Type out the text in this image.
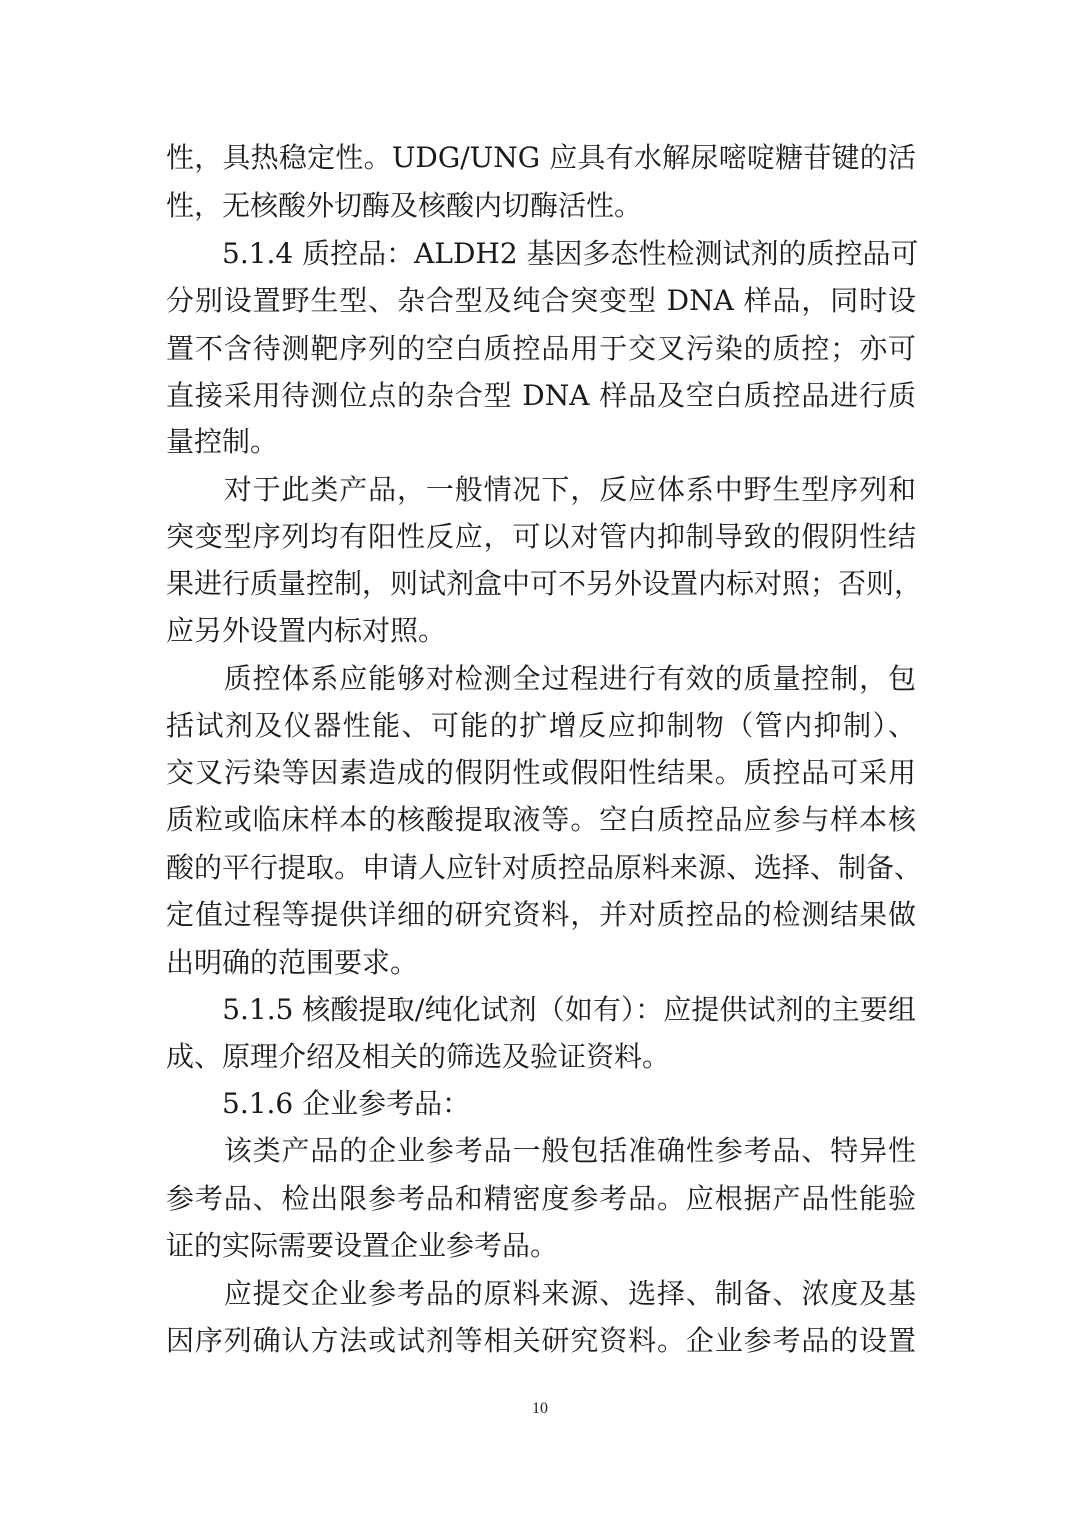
性，具热稳定性。UDG/UNG 应具有水解尿嘧啶糖苷键的活
性，无核酸外切酶及核酸内切酶活性。
　　5.1.4 质控品：ALDH2 基因多态性检测试剂的质控品可
分别设置野生型、杂合型及纯合突变型 DNA 样品，同时设
置不含待测靶序列的空白质控品用于交叉污染的质控；亦可
直接采用待测位点的杂合型 DNA 样品及空白质控品进行质
量控制。
　　对于此类产品，一般情况下，反应体系中野生型序列和
突变型序列均有阳性反应，可以对管内抑制导致的假阴性结
果进行质量控制，则试剂盒中可不另外设置内标对照；否则，
应另外设置内标对照。
　　质控体系应能够对检测全过程进行有效的质量控制，包
括试剂及仪器性能、可能的扩增反应抑制物（管内抑制）、
交叉污染等因素造成的假阴性或假阳性结果。质控品可采用
质粒或临床样本的核酸提取液等。空白质控品应参与样本核
酸的平行提取。申请人应针对质控品原料来源、选择、制备、
定值过程等提供详细的研究资料，并对质控品的检测结果做
出明确的范围要求。
　　5.1.5 核酸提取/纯化试剂（如有）：应提供试剂的主要组
成、原理介绍及相关的筛选及验证资料。
　　5.1.6 企业参考品：
　　该类产品的企业参考品一般包括准确性参考品、特异性
参考品、检出限参考品和精密度参考品。应根据产品性能验
证的实际需要设置企业参考品。
　　应提交企业参考品的原料来源、选择、制备、浓度及基
因序列确认方法或试剂等相关研究资料。企业参考品的设置
10
